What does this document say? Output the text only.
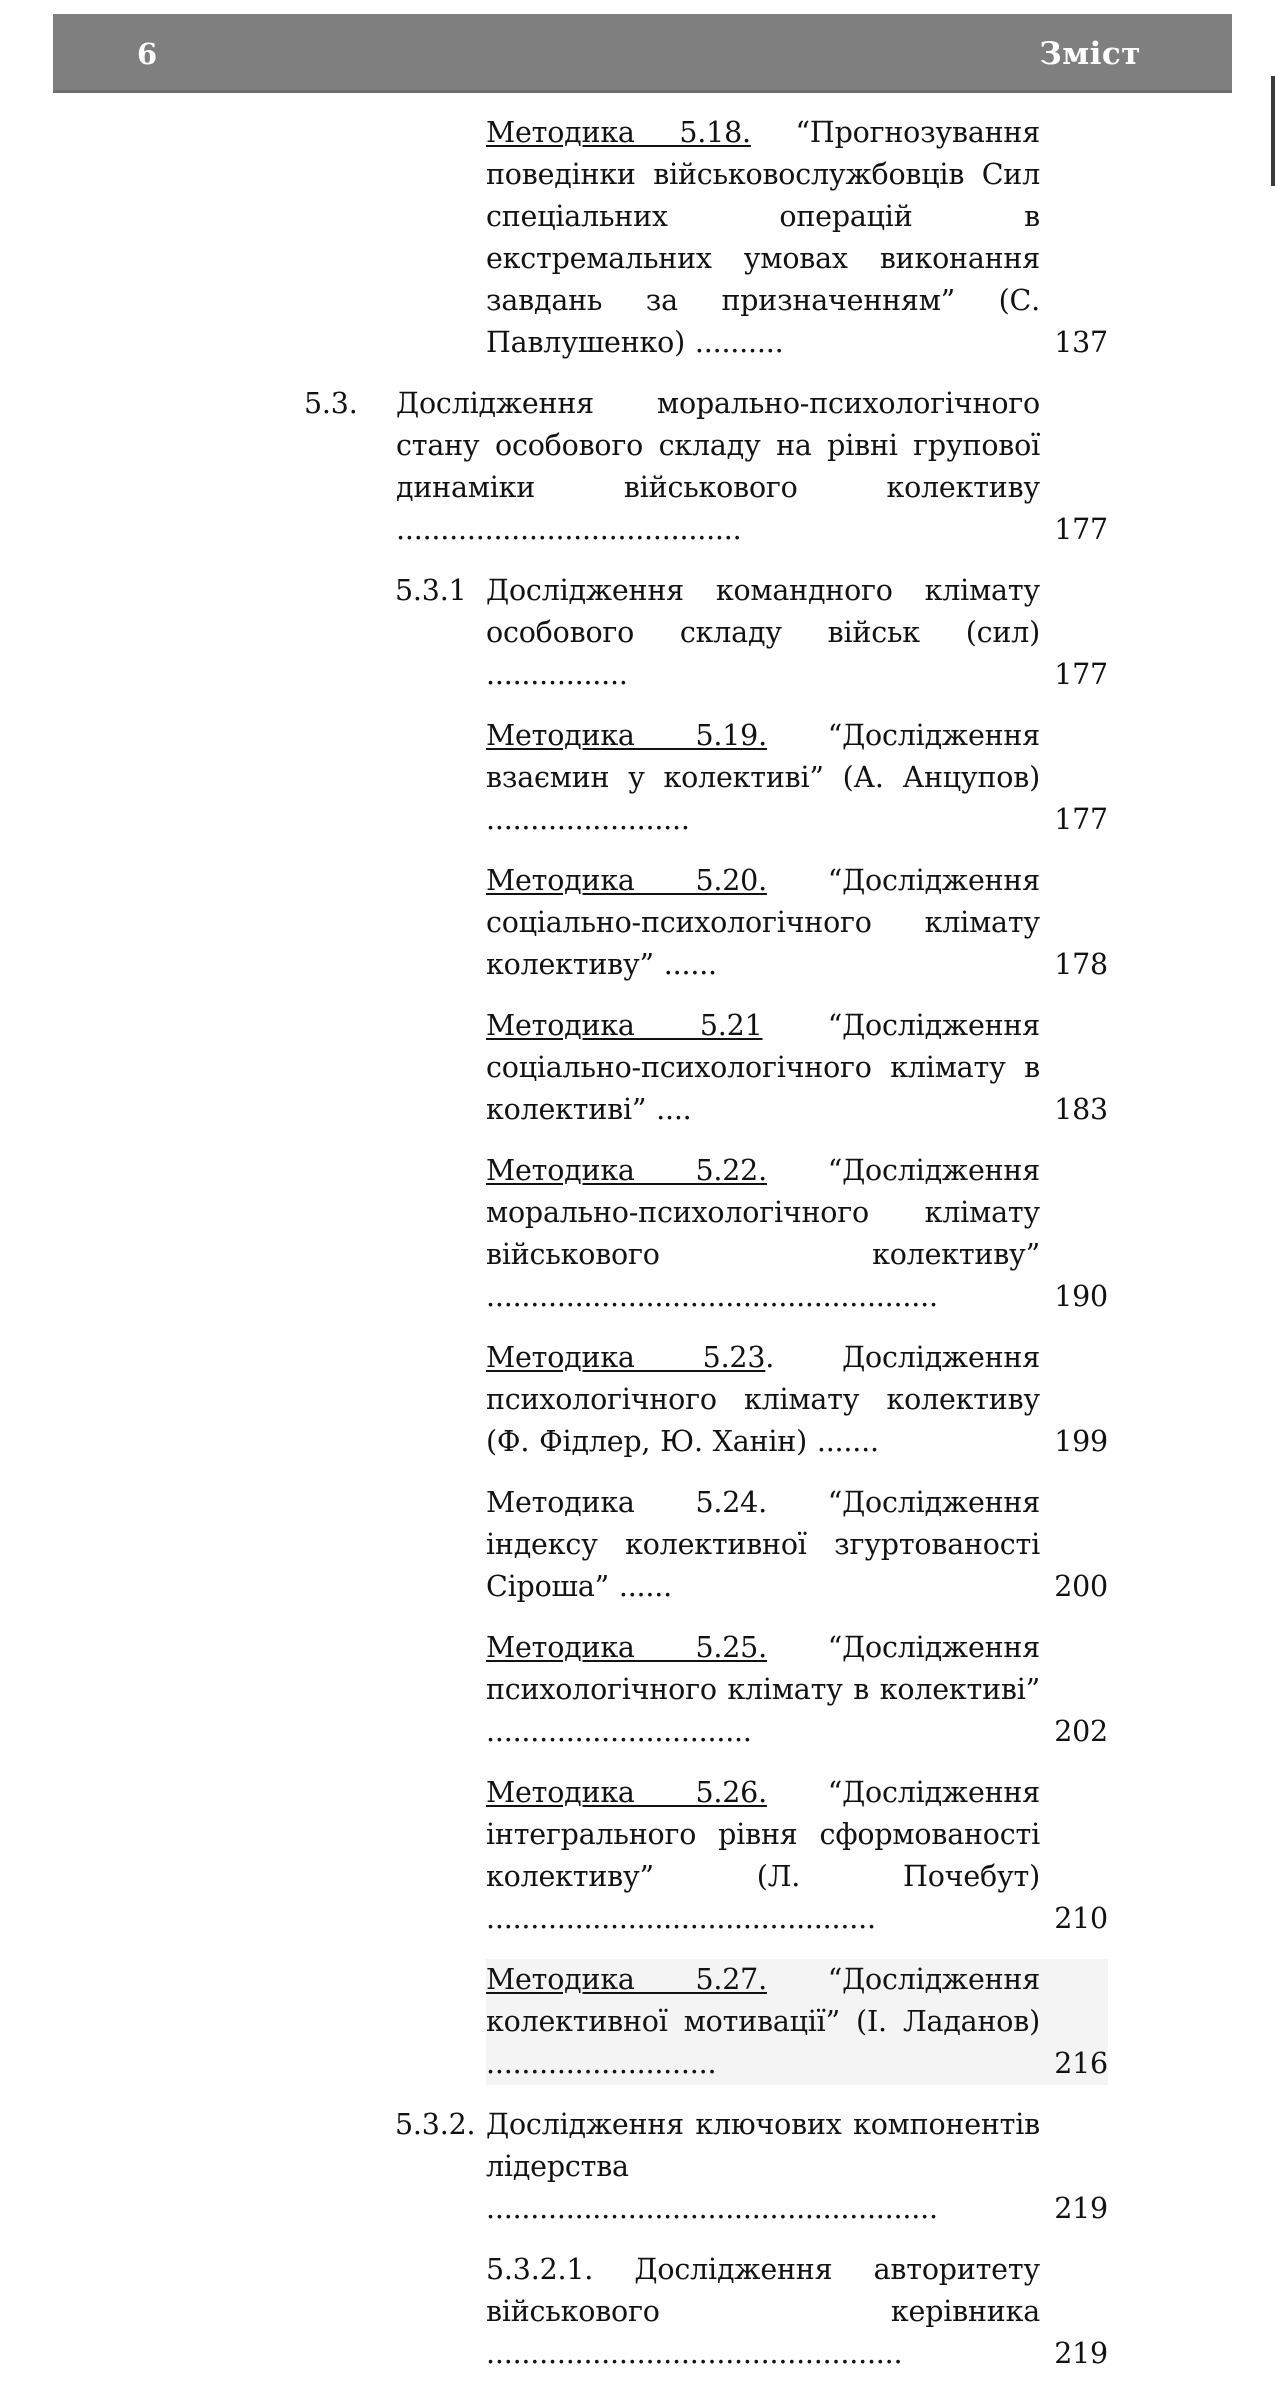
6	Зміст
Методика 5.18. “Прогнозування поведінки військовослужбовців Сил спеціальних операцій в екстремальних умовах виконання завдань за призначенням” (С. Павлушенко) ..........	137
5.3.	Дослідження морально-психологічного стану особового складу на рівні групової динаміки військового колективу .......................................	177
5.3.1 Дослідження командного клімату особового складу військ (сил) ................	177
Методика 5.19. “Дослідження взаємин у колективі” (А. Анцупов) .......................	177
Методика 5.20. “Дослідження соціально-психологічного клімату колективу” ......	178
Методика 5.21 “Дослідження соціально-психологічного клімату в колективі” ....	183
Методика 5.22. “Дослідження морально-психологічного клімату військового колективу” ...................................................	190
Методика 5.23. Дослідження психологічного клімату колективу (Ф. Фідлер, Ю. Ханін) .......	199
Методика 5.24. “Дослідження індексу колективної згуртованості Сіроша” ......	200
Методика 5.25. “Дослідження психологічного клімату в колективі” ..............................	202
Методика 5.26. “Дослідження інтегрального рівня сформованості колективу” (Л. Почебут) ............................................	210
Методика 5.27. “Дослідження колективної мотивації” (І. Ладанов) ..........................	216
5.3.2. Дослідження ключових компонентів лідерства ...................................................	219
5.3.2.1. Дослідження авторитету військового керівника ...............................................	219
